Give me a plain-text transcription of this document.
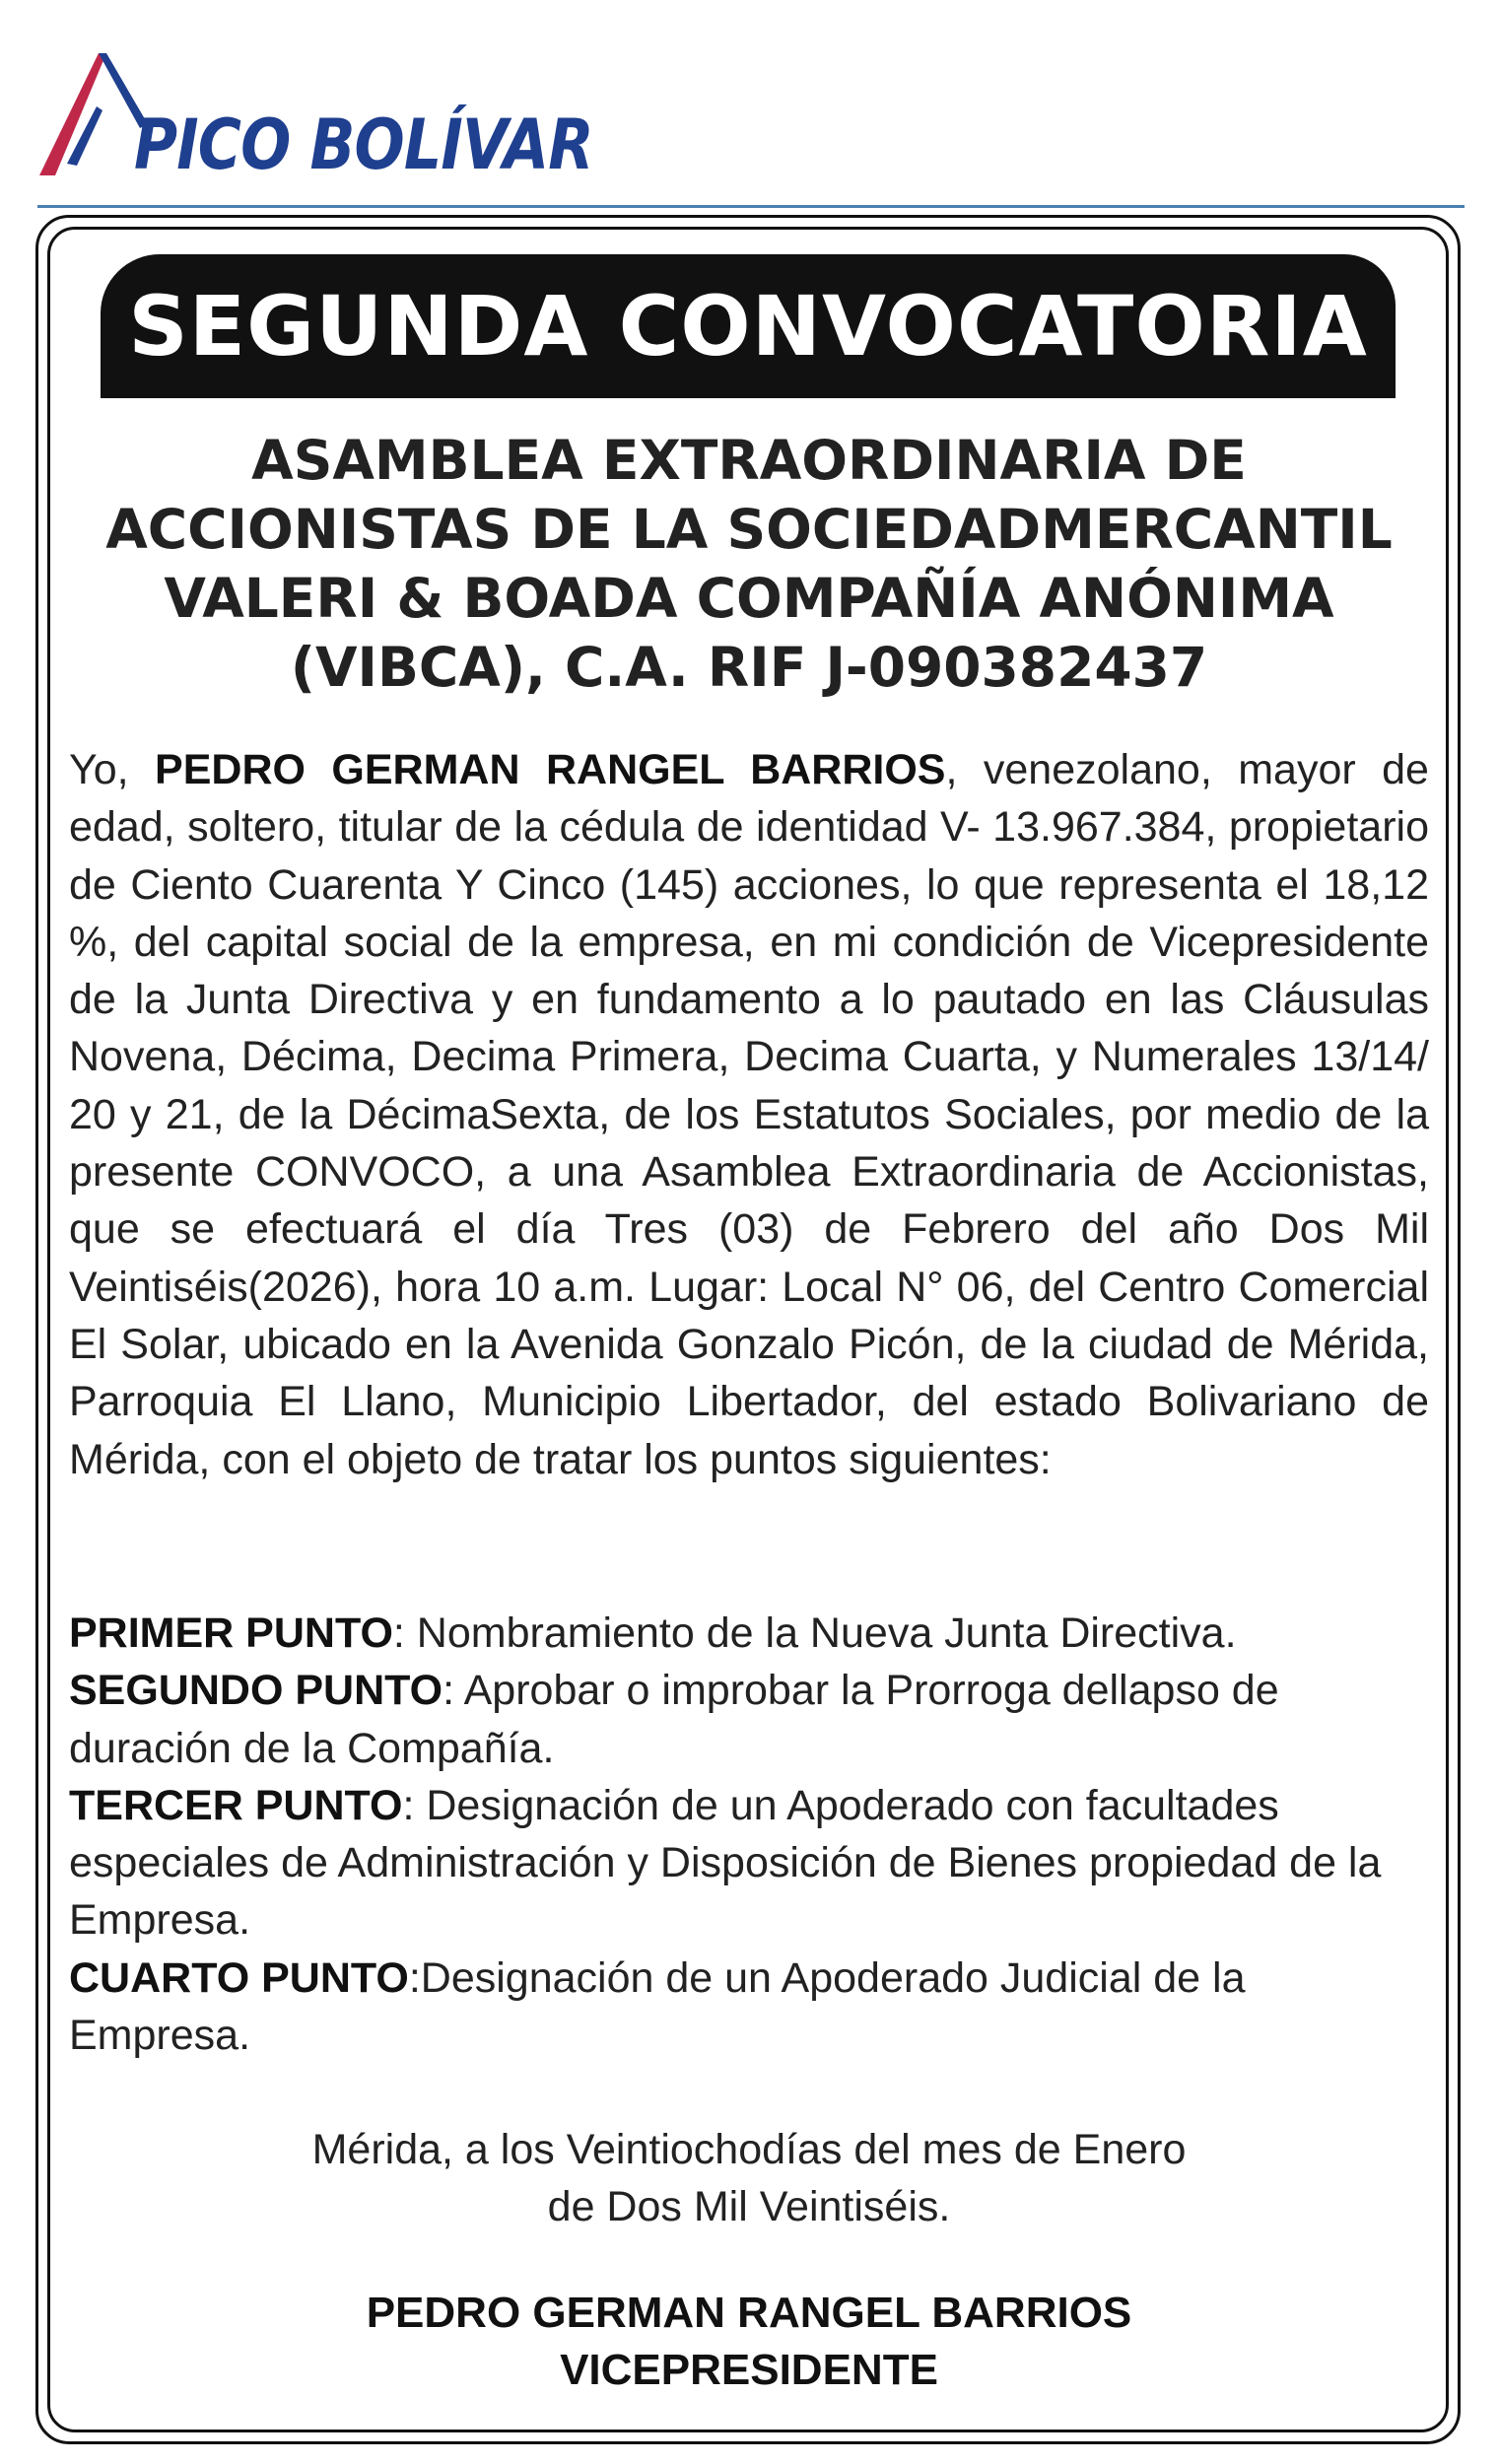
PICO BOLÍVAR
SEGUNDA CONVOCATORIA
ASAMBLEA EXTRAORDINARIA DE
ACCIONISTAS DE LA SOCIEDADMERCANTIL
VALERI & BOADA COMPAÑÍA ANÓNIMA
(VIBCA), C.A. RIF J-090382437
Yo, PEDRO GERMAN RANGEL BARRIOS, venezolano, mayor de edad, soltero, titular de la cédula de identidad V- 13.967.384, propietario de Ciento Cuarenta Y Cinco (145) acciones, lo que representa el 18,12 %, del capital social de la empresa, en mi condición de Vicepresidente de la Junta Directiva y en fundamento a lo pautado en las Cláusulas Novena, Décima, Decima Primera, Decima Cuarta, y Numerales 13/14/ 20 y 21, de la DécimaSexta, de los Estatutos Sociales, por medio de la presente CONVOCO, a una Asamblea Extraordinaria de Accionistas, que se efectuará el día Tres (03) de Febrero del año Dos Mil Veintiséis(2026), hora 10 a.m. Lugar: Local N° 06, del Centro Comercial El Solar, ubicado en la Avenida Gonzalo Picón, de la ciudad de Mérida, Parroquia El Llano, Municipio Libertador, del estado Bolivariano de Mérida, con el objeto de tratar los puntos siguientes:

PRIMER PUNTO: Nombramiento de la Nueva Junta Directiva.

SEGUNDO PUNTO: Aprobar o improbar la Prorroga dellapso de duración de la Compañía.

TERCER PUNTO: Designación de un Apoderado con facultades especiales de Administración y Disposición de Bienes propiedad de la Empresa.

CUARTO PUNTO:Designación de un Apoderado Judicial de la Empresa.

Mérida, a los Veintiochodías del mes de Enero
de Dos Mil Veintiséis.
PEDRO GERMAN RANGEL BARRIOS
VICEPRESIDENTE
